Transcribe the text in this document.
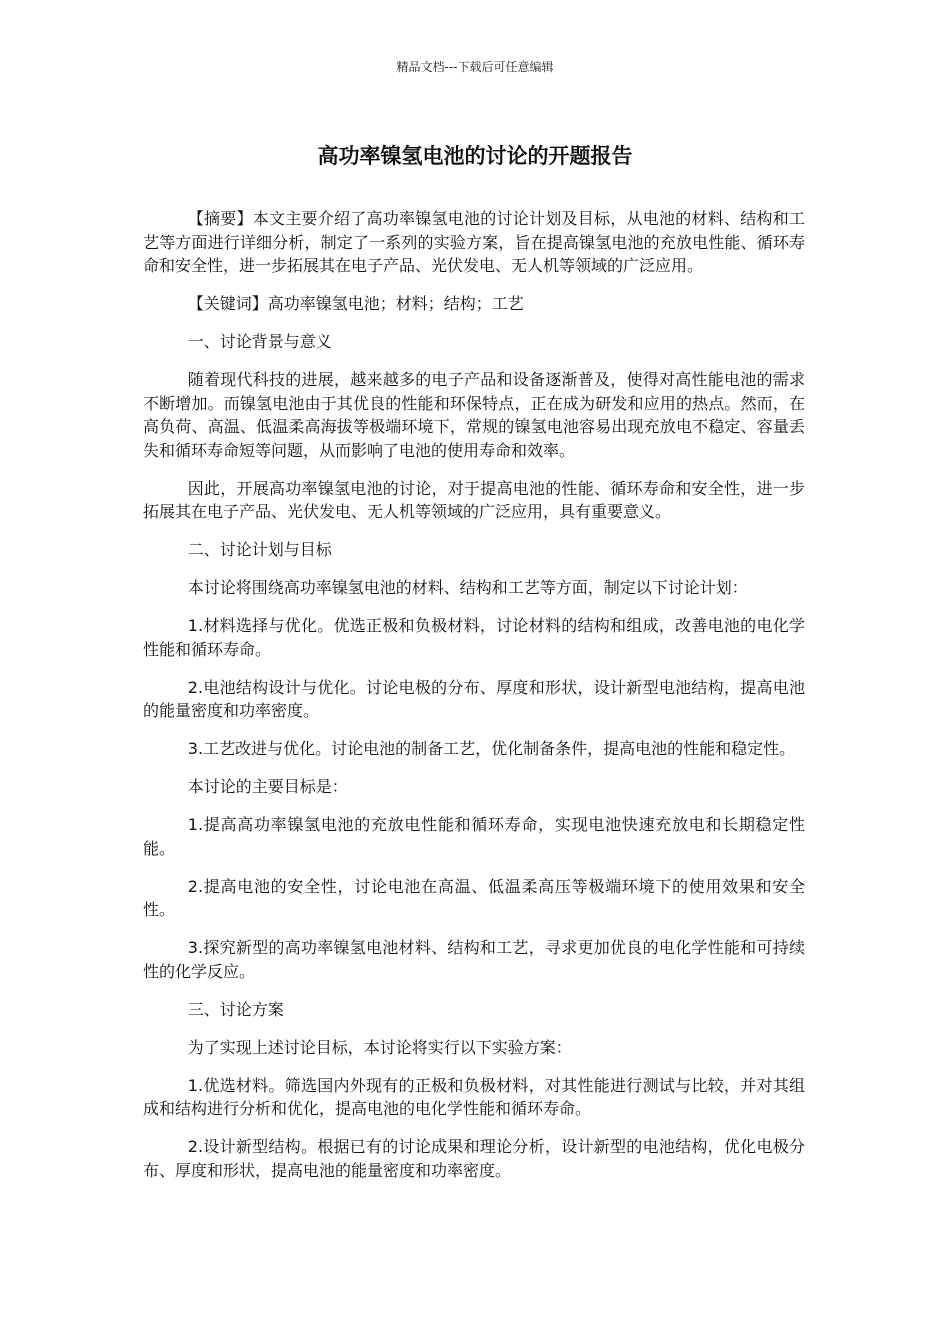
精品文档---下载后可任意编辑
高功率镍氢电池的讨论的开题报告

【摘要】本文主要介绍了高功率镍氢电池的讨论计划及目标，从电池的材料、结构和工艺等方面进行详细分析，制定了一系列的实验方案，旨在提高镍氢电池的充放电性能、循环寿命和安全性，进一步拓展其在电子产品、光伏发电、无人机等领域的广泛应用。

【关键词】高功率镍氢电池；材料；结构；工艺

一、讨论背景与意义

随着现代科技的进展，越来越多的电子产品和设备逐渐普及，使得对高性能电池的需求不断增加。而镍氢电池由于其优良的性能和环保特点，正在成为研发和应用的热点。然而，在高负荷、高温、低温柔高海拔等极端环境下，常规的镍氢电池容易出现充放电不稳定、容量丢失和循环寿命短等问题，从而影响了电池的使用寿命和效率。

因此，开展高功率镍氢电池的讨论，对于提高电池的性能、循环寿命和安全性，进一步拓展其在电子产品、光伏发电、无人机等领域的广泛应用，具有重要意义。

二、讨论计划与目标

本讨论将围绕高功率镍氢电池的材料、结构和工艺等方面，制定以下讨论计划：

1.材料选择与优化。优选正极和负极材料，讨论材料的结构和组成，改善电池的电化学性能和循环寿命。

2.电池结构设计与优化。讨论电极的分布、厚度和形状，设计新型电池结构，提高电池的能量密度和功率密度。

3.工艺改进与优化。讨论电池的制备工艺，优化制备条件，提高电池的性能和稳定性。

本讨论的主要目标是：

1.提高高功率镍氢电池的充放电性能和循环寿命，实现电池快速充放电和长期稳定性能。

2.提高电池的安全性，讨论电池在高温、低温柔高压等极端环境下的使用效果和安全性。

3.探究新型的高功率镍氢电池材料、结构和工艺，寻求更加优良的电化学性能和可持续性的化学反应。

三、讨论方案

为了实现上述讨论目标，本讨论将实行以下实验方案：

1.优选材料。筛选国内外现有的正极和负极材料，对其性能进行测试与比较，并对其组成和结构进行分析和优化，提高电池的电化学性能和循环寿命。

2.设计新型结构。根据已有的讨论成果和理论分析，设计新型的电池结构，优化电极分布、厚度和形状，提高电池的能量密度和功率密度。
